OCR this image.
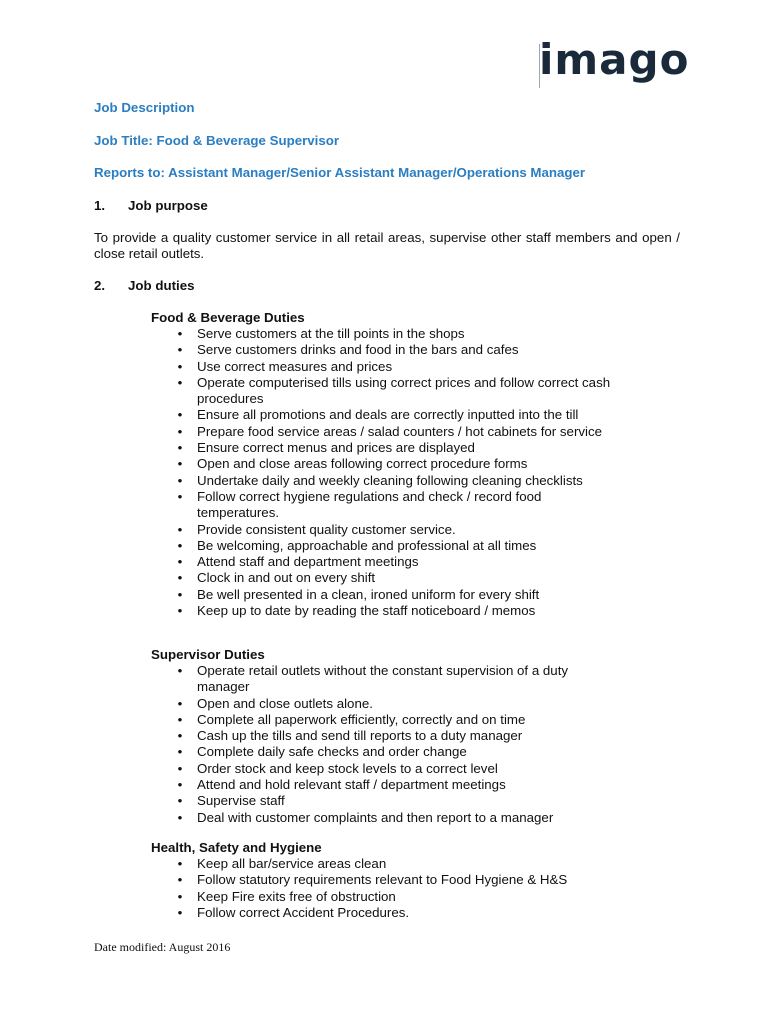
imago
Job Description
Job Title: Food & Beverage Supervisor
Reports to: Assistant Manager/Senior Assistant Manager/Operations Manager
1. Job purpose
To provide a quality customer service in all retail areas, supervise other staff members and open / close retail outlets.
2. Job duties
Food & Beverage Duties
• Serve customers at the till points in the shops
• Serve customers drinks and food in the bars and cafes
• Use correct measures and prices
• Operate computerised tills using correct prices and follow correct cash procedures
• Ensure all promotions and deals are correctly inputted into the till
• Prepare food service areas / salad counters / hot cabinets for service
• Ensure correct menus and prices are displayed
• Open and close areas following correct procedure forms
• Undertake daily and weekly cleaning following cleaning checklists
• Follow correct hygiene regulations and check / record food temperatures.
• Provide consistent quality customer service.
• Be welcoming, approachable and professional at all times
• Attend staff and department meetings
• Clock in and out on every shift
• Be well presented in a clean, ironed uniform for every shift
• Keep up to date by reading the staff noticeboard / memos
Supervisor Duties
• Operate retail outlets without the constant supervision of a duty manager
• Open and close outlets alone.
• Complete all paperwork efficiently, correctly and on time
• Cash up the tills and send till reports to a duty manager
• Complete daily safe checks and order change
• Order stock and keep stock levels to a correct level
• Attend and hold relevant staff / department meetings
• Supervise staff
• Deal with customer complaints and then report to a manager
Health, Safety and Hygiene
• Keep all bar/service areas clean
• Follow statutory requirements relevant to Food Hygiene & H&S
• Keep Fire exits free of obstruction
• Follow correct Accident Procedures.
Date modified: August 2016
